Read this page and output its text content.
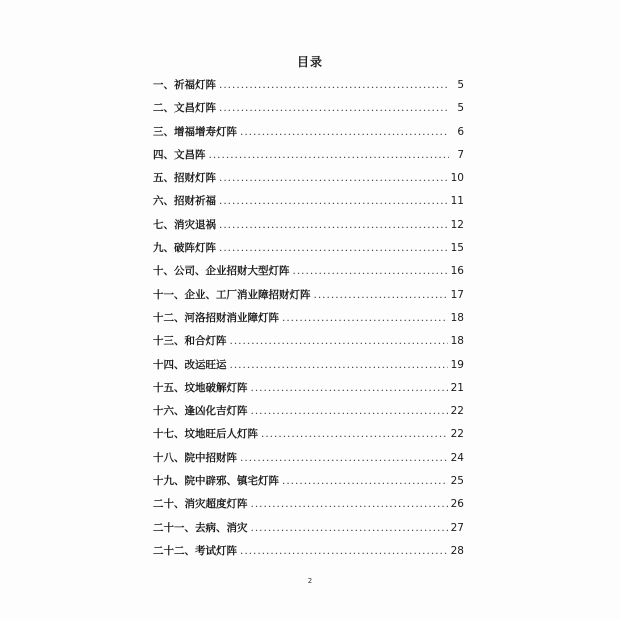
目录
一、祈福灯阵 .....	5
二、文昌灯阵 .....	5
三、增福增寿灯阵 .....	6
四、文昌阵 .....	7
五、招财灯阵 .....	10
六、招财祈福 .....	11
七、消灾退祸 .....	12
九、破阵灯阵 .....	15
十、公司、企业招财大型灯阵 .....	16
十一、企业、工厂消业障招财灯阵 .....	17
十二、河洛招财消业障灯阵 .....	18
十三、和合灯阵 .....	18
十四、改运旺运 .....	19
十五、坟地破解灯阵 .....	21
十六、逢凶化吉灯阵 .....	22
十七、坟地旺后人灯阵 .....	22
十八、院中招财阵 .....	24
十九、院中辟邪、镇宅灯阵 .....	25
二十、消灾超度灯阵 .....	26
二十一、去病、消灾 .....	27
二十二、考试灯阵 .....	28
2
